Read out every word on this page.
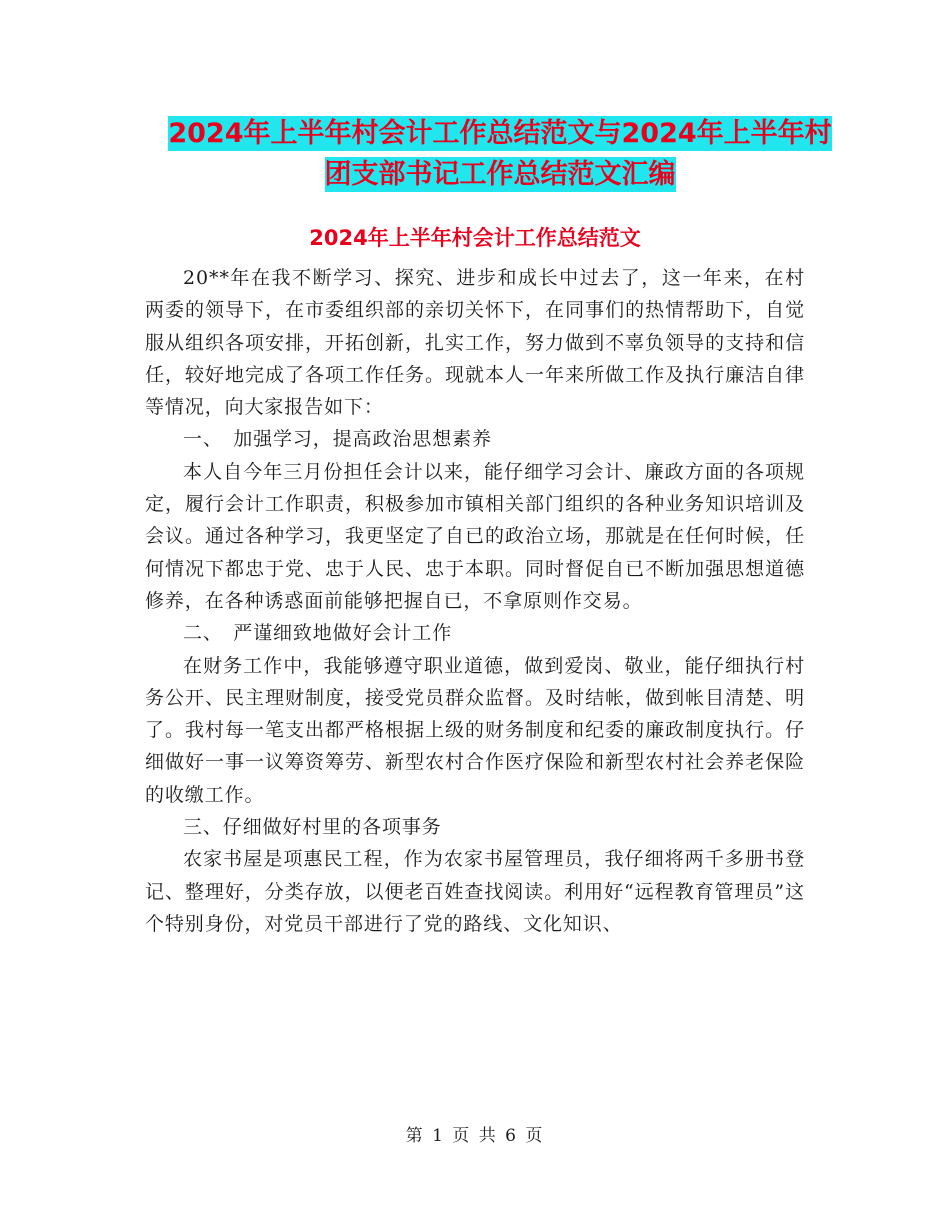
2024年上半年村会计工作总结范文与2024年上半年村
团支部书记工作总结范文汇编
2024年上半年村会计工作总结范文

20**年在我不断学习、探究、进步和成长中过去了，这一年来，在村两委的领导下，在市委组织部的亲切关怀下，在同事们的热情帮助下，自觉服从组织各项安排，开拓创新，扎实工作，努力做到不辜负领导的支持和信任，较好地完成了各项工作任务。现就本人一年来所做工作及执行廉洁自律等情况，向大家报告如下：

一、　加强学习，提高政治思想素养

本人自今年三月份担任会计以来，能仔细学习会计、廉政方面的各项规定，履行会计工作职责，积极参加市镇相关部门组织的各种业务知识培训及会议。通过各种学习，我更坚定了自已的政治立场，那就是在任何时候，任何情况下都忠于党、忠于人民、忠于本职。同时督促自已不断加强思想道德修养，在各种诱惑面前能够把握自已，不拿原则作交易。

二、　严谨细致地做好会计工作

在财务工作中，我能够遵守职业道德，做到爱岗、敬业，能仔细执行村务公开、民主理财制度，接受党员群众监督。及时结帐，做到帐目清楚、明了。我村每一笔支出都严格根据上级的财务制度和纪委的廉政制度执行。仔细做好一事一议筹资筹劳、新型农村合作医疗保险和新型农村社会养老保险的收缴工作。

三、仔细做好村里的各项事务

农家书屋是项惠民工程，作为农家书屋管理员，我仔细将两千多册书登记、整理好，分类存放，以便老百姓查找阅读。利用好“远程教育管理员”这个特别身份，对党员干部进行了党的路线、文化知识、

第 1 页 共 6 页
